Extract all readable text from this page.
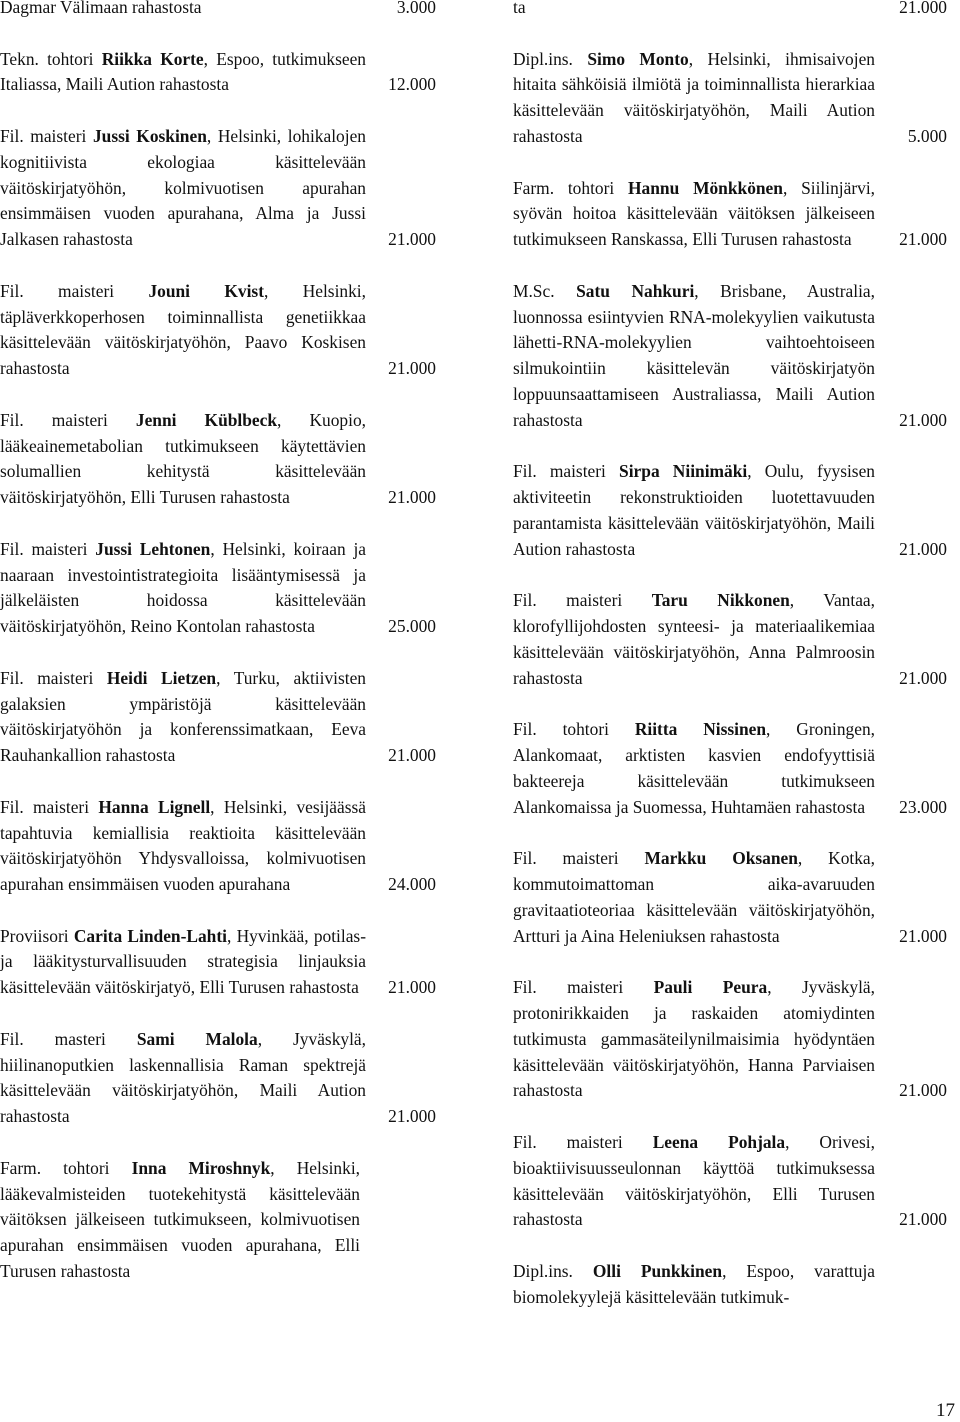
Dagmar Välimaan rahastosta	3.000
Tekn. tohtori Riikka Korte, Espoo, tutkimukseen Italiassa, Maili Aution rahastosta	12.000
Fil. maisteri Jussi Koskinen, Helsinki, lohikalojen kognitiivista ekologiaa käsittelevään väitöskirjatyöhön, kolmivuotisen apurahan ensimmäisen vuoden apurahana, Alma ja Jussi Jalkasen rahastosta	21.000
Fil. maisteri Jouni Kvist, Helsinki, täpläverkkoperhosen toiminnallista genetiikkaa käsittelevään väitöskirjatyöhön, Paavo Koskisen rahastosta	21.000
Fil. maisteri Jenni Küblbeck, Kuopio, lääkeainemetabolian tutkimukseen käytettävien solumallien kehitystä käsittelevään väitöskirjatyöhön, Elli Turusen rahastosta	21.000
Fil. maisteri Jussi Lehtonen, Helsinki, koiraan ja naaraan investointistrategioita lisääntymisessä ja jälkeläisten hoidossa käsittelevään väitöskirjatyöhön, Reino Kontolan rahastosta	25.000
Fil. maisteri Heidi Lietzen, Turku, aktiivisten galaksien ympäristöjä käsittelevään väitöskirjatyöhön ja konferenssimatkaan, Eeva Rauhankallion rahastosta	21.000
Fil. maisteri Hanna Lignell, Helsinki, vesijäässä tapahtuvia kemiallisia reaktioita käsittelevään väitöskirjatyöhön Yhdysvalloissa, kolmivuotisen apurahan ensimmäisen vuoden apurahana	24.000
Proviisori Carita Linden-Lahti, Hyvinkää, potilas- ja lääkitysturvallisuuden strategisia linjauksia käsittelevään väitöskirjatyö, Elli Turusen rahastosta	21.000
Fil. masteri Sami Malola, Jyväskylä, hiilinanoputkien laskennallisia Raman spektrejä käsittelevään väitöskirjatyöhön, Maili Aution rahastosta	21.000
Farm. tohtori Inna Miroshnyk, Helsinki, lääkevalmisteiden tuotekehitystä käsittelevään väitöksen jälkeiseen tutkimukseen, kolmivuotisen apurahan ensimmäisen vuoden apurahana, Elli Turusen rahastosta
ta	21.000
Dipl.ins. Simo Monto, Helsinki, ihmisaivojen hitaita sähköisiä ilmiötä ja toiminnallista hierarkiaa käsittelevään väitöskirjatyöhön, Maili Aution rahastosta	5.000
Farm. tohtori Hannu Mönkkönen, Siilinjärvi, syövän hoitoa käsittelevään väitöksen jälkeiseen tutkimukseen Ranskassa, Elli Turusen rahastosta	21.000
M.Sc. Satu Nahkuri, Brisbane, Australia, luonnossa esiintyvien RNA-molekyylien vaikutusta lähetti-RNA-molekyylien vaihtoehtoiseen silmukointiin käsittelevän väitöskirjatyön loppuunsaattamiseen Australiassa, Maili Aution rahastosta	21.000
Fil. maisteri Sirpa Niinimäki, Oulu, fyysisen aktiviteetin rekonstruktioiden luotettavuuden parantamista käsittelevään väitöskirjatyöhön, Maili Aution rahastosta	21.000
Fil. maisteri Taru Nikkonen, Vantaa, klorofyllijohdosten synteesi- ja materiaalikemiaa käsittelevään väitöskirjatyöhön, Anna Palmroosin rahastosta	21.000
Fil. tohtori Riitta Nissinen, Groningen, Alankomaat, arktisten kasvien endofyyttisiä bakteereja käsittelevään tutkimukseen Alankomaissa ja Suomessa, Huhtamäen rahastosta	23.000
Fil. maisteri Markku Oksanen, Kotka, kommutoimattoman aika-avaruuden gravitaatioteoriaa käsittelevään väitöskirjatyöhön, Artturi ja Aina Heleniuksen rahastosta	21.000
Fil. maisteri Pauli Peura, Jyväskylä, protonirikkaiden ja raskaiden atomiydinten tutkimusta gammasäteilynilmaisimia hyödyntäen käsittelevään väitöskirjatyöhön, Hanna Parviaisen rahastosta	21.000
Fil. maisteri Leena Pohjala, Orivesi, bioaktiivisuusseulonnan käyttöä tutkimuksessa käsittelevään väitöskirjatyöhön, Elli Turusen rahastosta	21.000
Dipl.ins. Olli Punkkinen, Espoo, varattuja biomolekyylejä käsittelevään tutkimuk-
17
